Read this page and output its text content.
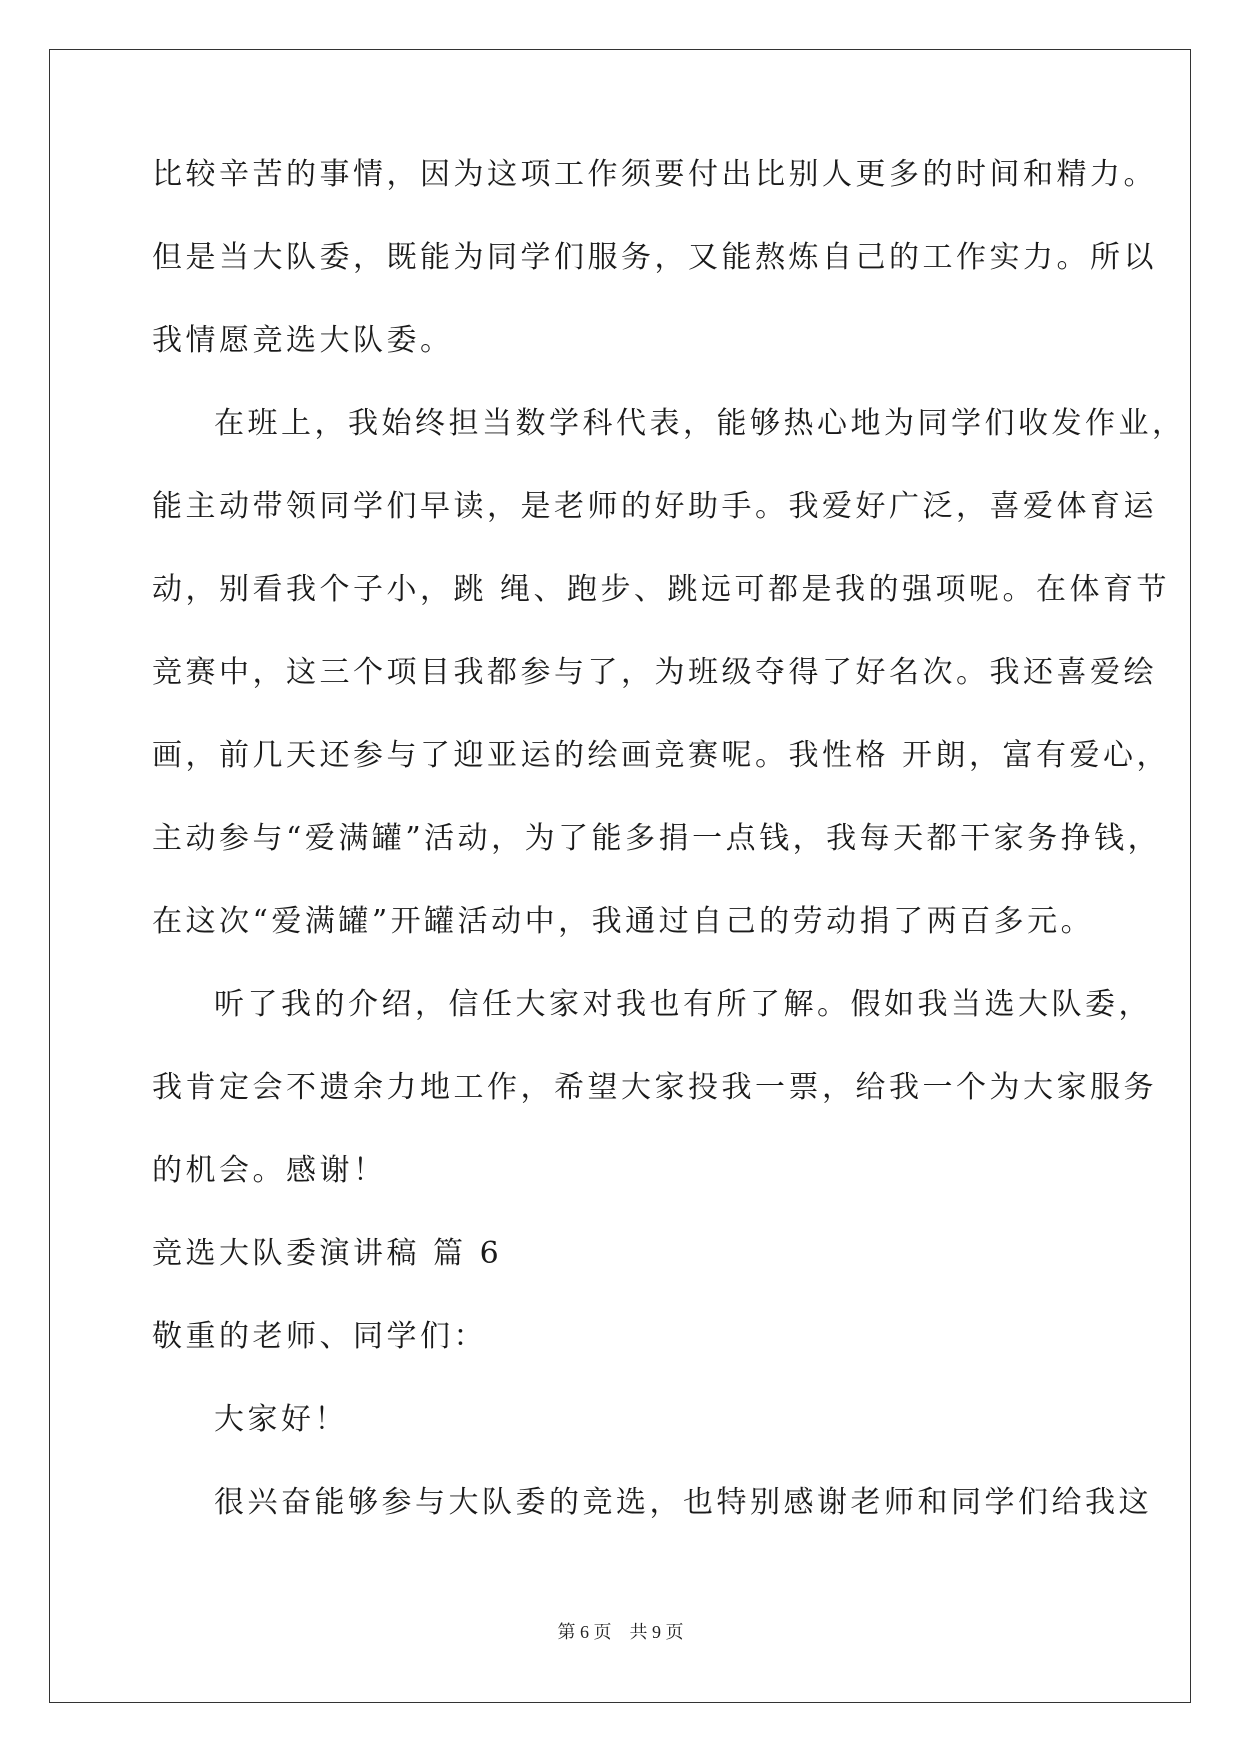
比较辛苦的事情，因为这项工作须要付出比别人更多的时间和精力。
但是当大队委，既能为同学们服务，又能熬炼自己的工作实力。所以
我情愿竞选大队委。
在班上，我始终担当数学科代表，能够热心地为同学们收发作业，
能主动带领同学们早读，是老师的好助手。我爱好广泛，喜爱体育运
动，别看我个子小，跳 绳、跑步、跳远可都是我的强项呢。在体育节
竞赛中，这三个项目我都参与了，为班级夺得了好名次。我还喜爱绘
画，前几天还参与了迎亚运的绘画竞赛呢。我性格 开朗，富有爱心，
主动参与“爱满罐”活动，为了能多捐一点钱，我每天都干家务挣钱，
在这次“爱满罐”开罐活动中，我通过自己的劳动捐了两百多元。
听了我的介绍，信任大家对我也有所了解。假如我当选大队委，
我肯定会不遗余力地工作，希望大家投我一票，给我一个为大家服务
的机会。感谢！
竞选大队委演讲稿 篇 6
敬重的老师、同学们：
大家好！
很兴奋能够参与大队委的竞选，也特别感谢老师和同学们给我这
第 6 页 共 9 页
